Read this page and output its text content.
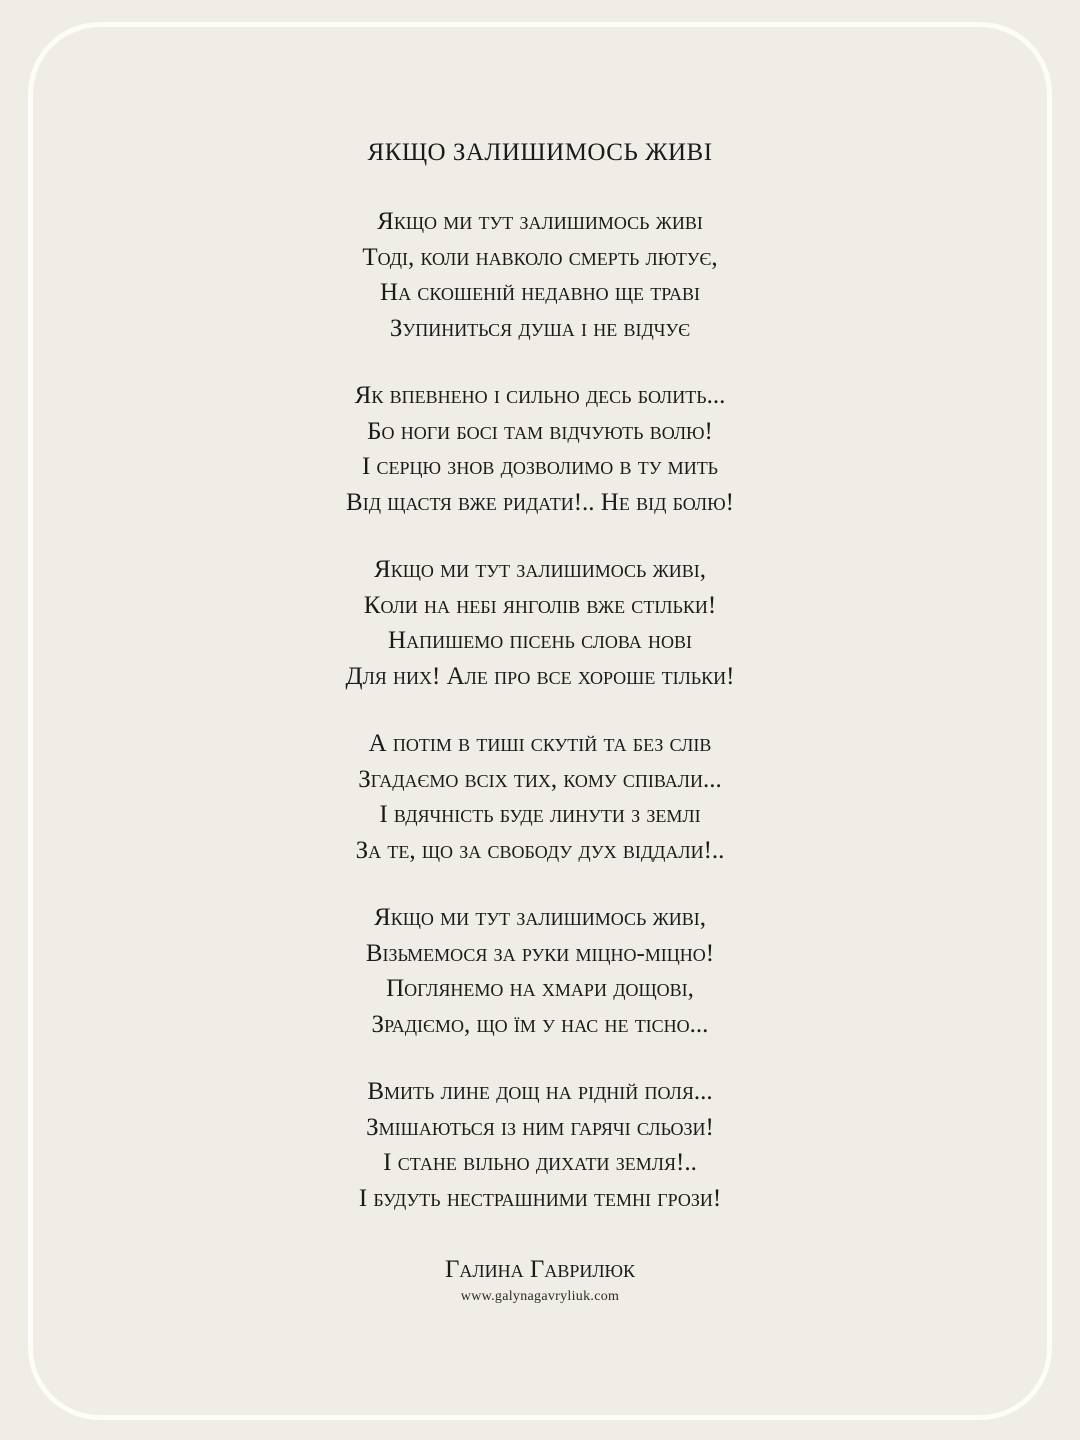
ЯКЩО ЗАЛИШИМОСЬ ЖИВІ
Якщо ми тут залишимось живі
Тоді, коли навколо смерть лютує,
На скошеній недавно ще траві
Зупиниться душа і не відчує
Як впевнено і сильно десь болить...
Бо ноги босі там відчують волю!
І серцю знов дозволимо в ту мить
Від щастя вже ридати!.. Не від болю!
Якщо ми тут залишимось живі,
Коли на небі янголів вже стільки!
Напишемо пісень слова нові
Для них! Але про все хороше тільки!
А потім в тиші скутій та без слів
Згадаємо всіх тих, кому співали...
І вдячність буде линути з землі
За те, що за свободу дух віддали!..
Якщо ми тут залишимось живі,
Візьмемося за руки міцно-міцно!
Поглянемо на хмари дощові,
Зрадіємо, що їм у нас не тісно...
Вмить лине дощ на рідній поля...
Змішаються із ним гарячі сльози!
І стане вільно дихати земля!..
І будуть нестрашними темні грози!
Галина Гаврилюк
www.galynagavryliuk.com
